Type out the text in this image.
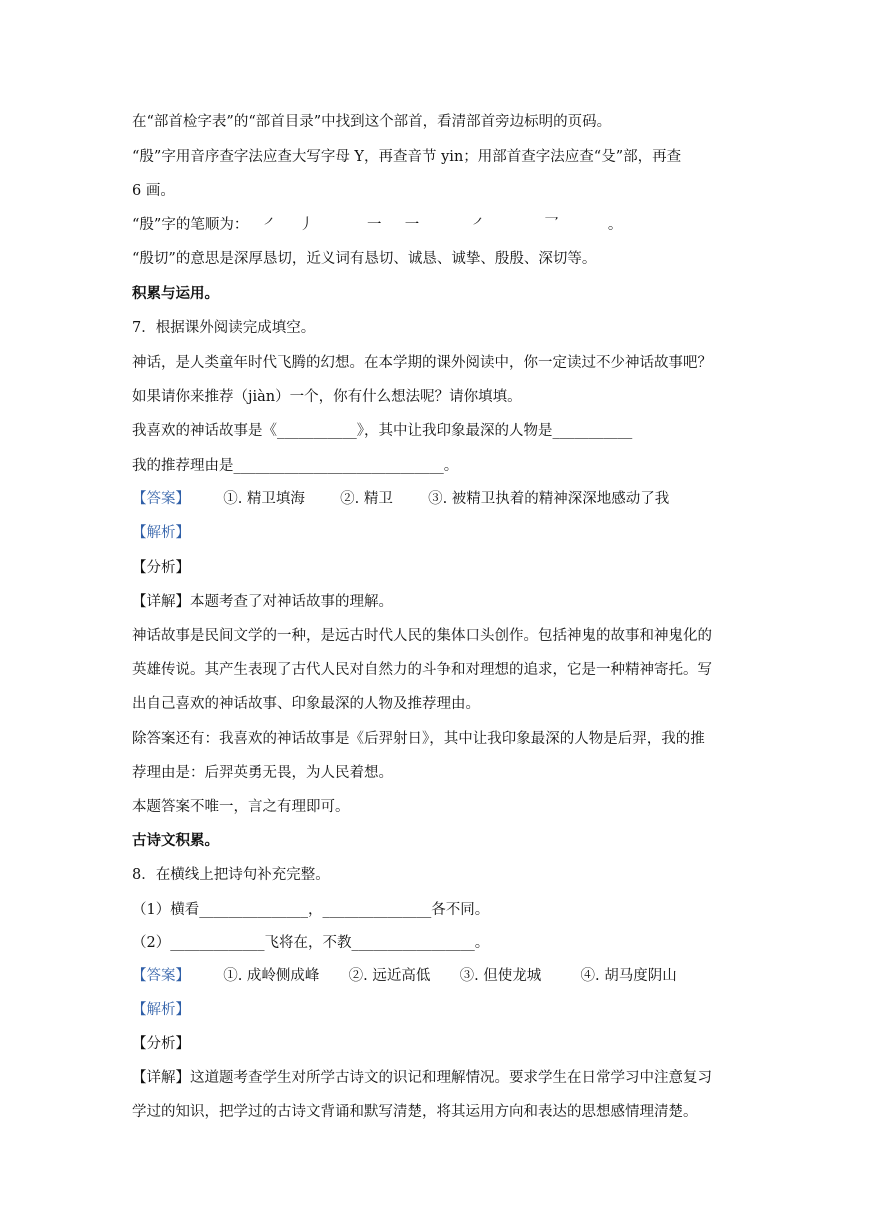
在“部首检字表”的“部首目录”中找到这个部首，看清部首旁边标明的页码。
“殷”字用音序查字法应查大写字母 Y，再查音节 yin；用部首查字法应查“殳”部，再查
6 画。
“殷”字的笔顺为： ㇒ 丿	一 一	㇒	乛	。
“殷切”的意思是深厚恳切，近义词有恳切、诚恳、诚挚、殷殷、深切等。
积累与运用。
7．根据课外阅读完成填空。
神话，是人类童年时代飞腾的幻想。在本学期的课外阅读中，你一定读过不少神话故事吧？
如果请你来推荐（jiàn）一个，你有什么想法呢？请你填填。
我喜欢的神话故事是《___________》，其中让我印象最深的人物是___________
我的推荐理由是_____________________________。
【答案】 ①. 精卫填海 ②. 精卫 ③. 被精卫执着的精神深深地感动了我
【解析】
【分析】
【详解】本题考查了对神话故事的理解。
神话故事是民间文学的一种，是远古时代人民的集体口头创作。包括神鬼的故事和神鬼化的
英雄传说。其产生表现了古代人民对自然力的斗争和对理想的追求，它是一种精神寄托。写
出自己喜欢的神话故事、印象最深的人物及推荐理由。
除答案还有：我喜欢的神话故事是《后羿射日》，其中让我印象最深的人物是后羿，我的推
荐理由是：后羿英勇无畏，为人民着想。
本题答案不唯一，言之有理即可。
古诗文积累。
8．在横线上把诗句补充完整。
（1）横看_______________，_______________各不同。
（2）_____________飞将在，不教_________________。
【答案】 ①. 成岭侧成峰 ②. 远近高低 ③. 但使龙城	④. 胡马度阴山
【解析】
【分析】
【详解】这道题考查学生对所学古诗文的识记和理解情况。要求学生在日常学习中注意复习
学过的知识，把学过的古诗文背诵和默写清楚，将其运用方向和表达的思想感情理清楚。
